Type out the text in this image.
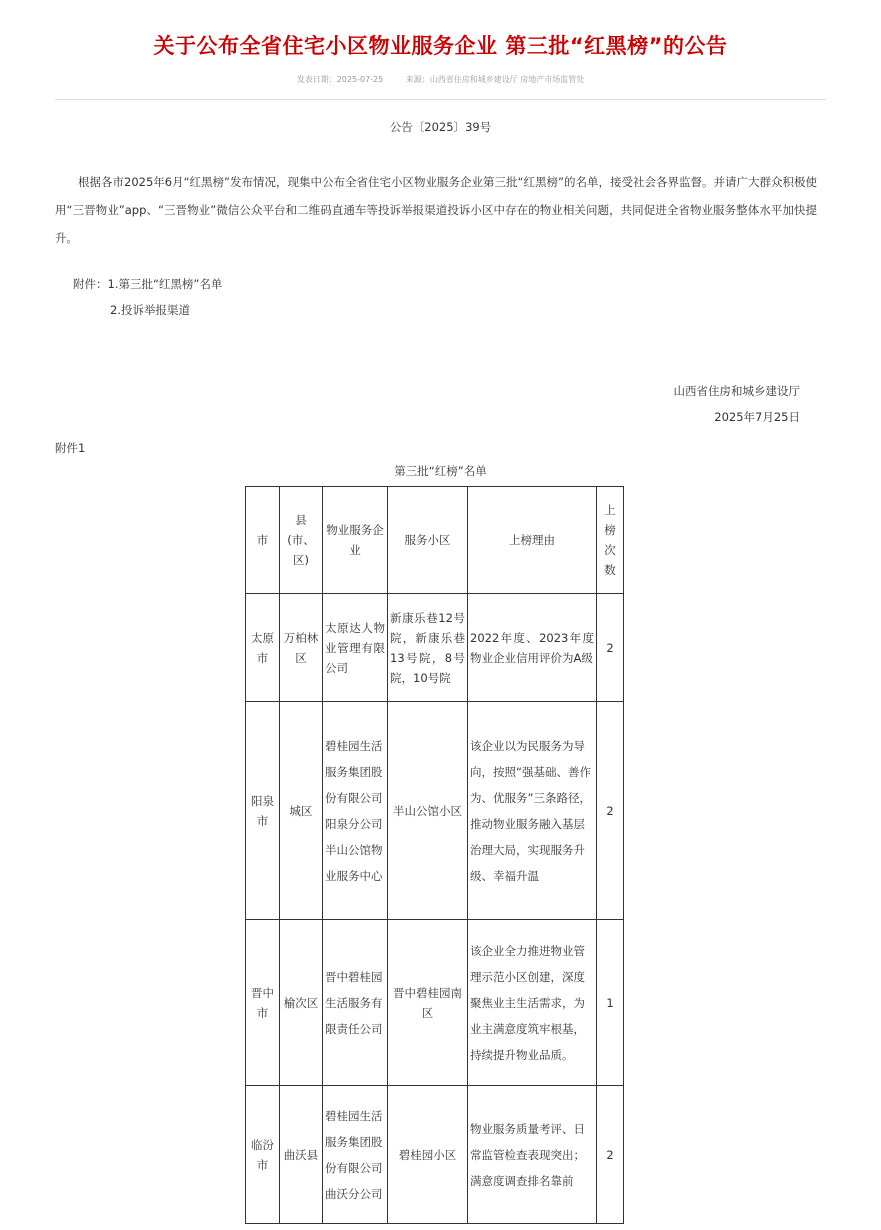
关于公布全省住宅小区物业服务企业 第三批“红黑榜”的公告
发表日期：2025-07-25	来源：山西省住房和城乡建设厅 房地产市场监管处
公告〔2025〕39号
根据各市2025年6月“红黑榜”发布情况，现集中公布全省住宅小区物业服务企业第三批“红黑榜”的名单，接受社会各界监督。并请广大群众积极使用“三晋物业”app、“三晋物业”微信公众平台和二维码直通车等投诉举报渠道投诉小区中存在的物业相关问题，共同促进全省物业服务整体水平加快提升。
附件：1.第三批“红黑榜”名单
2.投诉举报渠道
山西省住房和城乡建设厅
2025年7月25日
附件1
第三批“红榜”名单
市	县(市、区)	物业服务企业	服务小区	上榜理由	上榜次数
太原市	万柏林区	太原达人物业管理有限公司	新康乐巷12号院，新康乐巷13号院，8号院，10号院	2022年度、2023年度物业企业信用评价为A级	2
阳泉市	城区	碧桂园生活服务集团股份有限公司阳泉分公司半山公馆物业服务中心	半山公馆小区	该企业以为民服务为导向，按照“强基础、善作为、优服务”三条路径，推动物业服务融入基层治理大局，实现服务升级、幸福升温	2
晋中市	榆次区	晋中碧桂园生活服务有限责任公司	晋中碧桂园南区	该企业全力推进物业管理示范小区创建，深度聚焦业主生活需求，为业主满意度筑牢根基，持续提升物业品质。	1
临汾市	曲沃县	碧桂园生活服务集团股份有限公司曲沃分公司	碧桂园小区	物业服务质量考评、日常监管检查表现突出；满意度调查排名靠前	2
